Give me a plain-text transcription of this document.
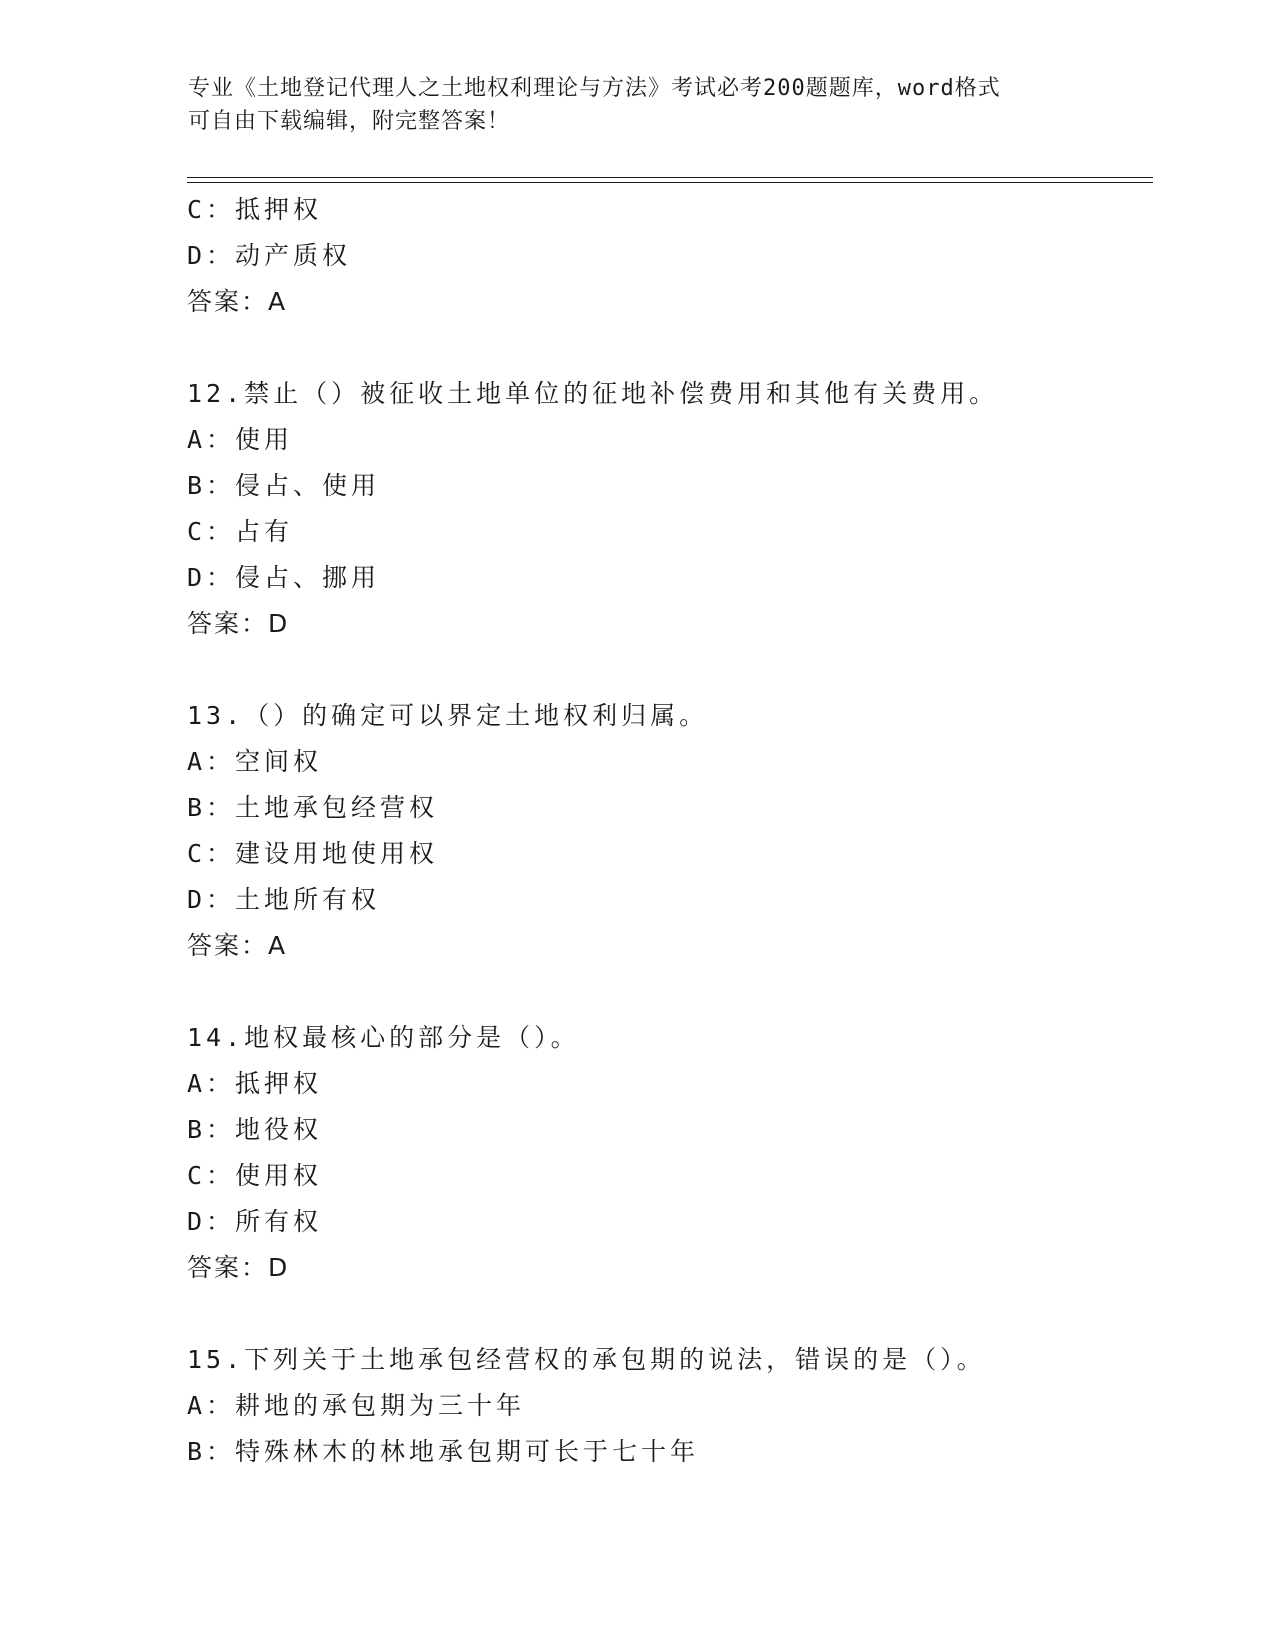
专业《土地登记代理人之土地权利理论与方法》考试必考200题题库，word格式
可自由下载编辑，附完整答案！
C：抵押权
D：动产质权
答案：A
12.禁止（）被征收土地单位的征地补偿费用和其他有关费用。
A：使用
B：侵占、使用
C：占有
D：侵占、挪用
答案：D
13.（）的确定可以界定土地权利归属。
A：空间权
B：土地承包经营权
C：建设用地使用权
D：土地所有权
答案：A
14.地权最核心的部分是（）。
A：抵押权
B：地役权
C：使用权
D：所有权
答案：D
15.下列关于土地承包经营权的承包期的说法，错误的是（）。
A：耕地的承包期为三十年
B：特殊林木的林地承包期可长于七十年
